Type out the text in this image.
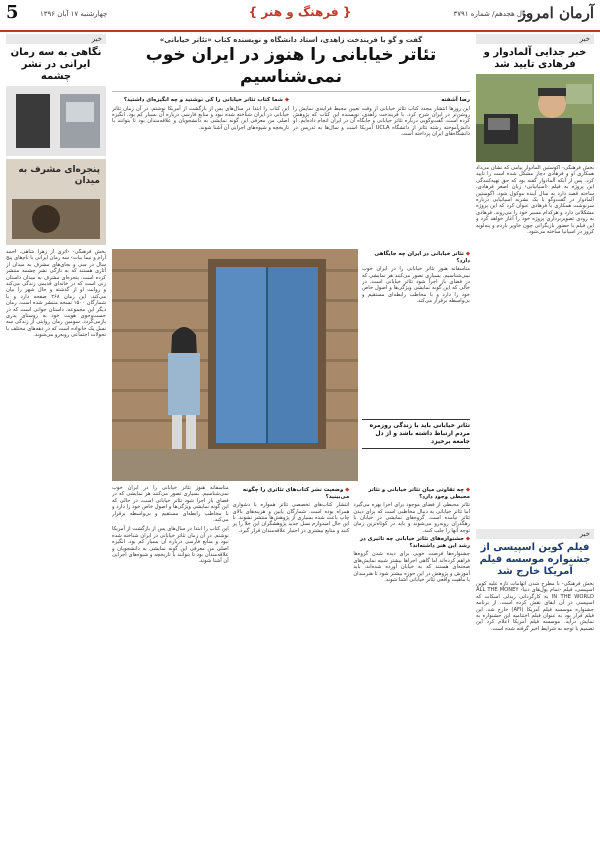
آرمان امروز
سال هجدهم/ شماره ۳۷۹۱
{ فرهنگ و هنر }
چهارشنبه ۱۷ آبان ۱۳۹۶
5
خبر
خبر جدایی آلمادوار و فرهادی تایید شد
بخش فرهنگی- اکوستین آلمادوار پیامی که نشان می‌داد همکاری او و فرهادی دچار مشکل شده است را تایید کرد. پس از آنکه آلمادوار گفته بود که حق تهیه‌کنندگی این پروژه به فیلم ‹اسپانیایی› زبان اصغر فرهادی، ساخته قصد دارد به سال آینده موکول شود. اگوستین آلمادوار در گفت‌وگو با یک نشریه اسپانیایی درباره سرنوشت همکاری با فرهادی عنوان کرد که این پروژه مشکلاتی دارد و هرکدام مسیر خود را می‌روند. فرهادی به زودی تصویربرداری پروژه خود را آغاز خواهد کرد و این فیلم با حضور بازیگرانی چون خاویر باردم و پنه‌لوپه کروز در اسپانیا ساخته می‌شود.
خبر
فیلم کوین اسپیسی از جشنواره موسسه فیلم آمریکا خارج شد
بخش فرهنگی- با مطرح شدن اتهامات تازه علیه کوین اسپیسی، فیلم ‹تمام پول‌های دنیا› ALL THE MONEY IN THE WORLD به کارگردانی ریدلی اسکات که اسپیسی در آن ایفای نقش کرده است، از برنامه جشنواره موسسه فیلم آمریکا (AFI) خارج شد. این فیلم قرار بود به عنوان فیلم اختتامیه این جشنواره به نمایش درآید. موسسه فیلم آمریکا اعلام کرد این تصمیم با توجه به شرایط اخیر گرفته شده است.
خبر
نگاهی به سه رمان ایرانی در نشر چشمه
پنجره‌ای مشرف به میدان
بخش فرهنگی- ‹اثری از زهرا شاهی، احمد آرام و نیما بیات› سه رمان ایرانی با نام‌های پنج سال در سی و بجای‌های مشرف به میدان از آثاری هستند که به تازگی نشر چشمه منتشر کرده است. پنجره‌ای مشرف به میدان داستان زنی است که در خانه‌ای قدیمی زندگی می‌کند و روایت او از گذشته و حال شهر را بیان می‌کند. این رمان ۲۶۸ صفحه دارد و با شمارگان ۱۵۰۰ نسخه منتشر شده است. رمان دیگر این مجموعه، داستان جوانی است که در جست‌وجوی هویت خود به روستای پدری بازمی‌گردد. سومین رمان روایتی از زندگی سه نسل یک خانواده است که در دهه‌های مختلف با تحولات اجتماعی روبه‌رو می‌شوند.
گفت و گو با فریندخت زاهدی، استاد دانشگاه و نویسنده کتاب «تئاتر خیابانی»
تئاتر خیابانی را هنوز در ایران خوب نمی‌شناسیم
رضا آشفته
این روزها انتشار مجدد کتاب تئاتر خیابانی از وقت تعیین محیط فرایندی نمایش را روشن‌تر در ایران شرح کرد. با فریندخت زاهدی، نویسنده این کتاب که پژوهش کرده است، گفت‌وگویی درباره تئاتر خیابانی و جایگاه آن در ایران انجام داده‌ایم. او دانش‌آموخته رشته تئاتر از دانشگاه UCLA آمریکا است و سال‌ها به تدریس در دانشگاه‌های ایران پرداخته است.
◆ شما کتاب تئاتر خیابانی را کی نوشتید و چه انگیزه‌ای داشتید؟
این کتاب را ابتدا در سال‌های پس از بازگشت از آمریکا نوشتم. در آن زمان تئاتر خیابانی در ایران شناخته شده نبود و منابع فارسی درباره آن بسیار کم بود. انگیزه اصلی من معرفی این گونه نمایشی به دانشجویان و علاقه‌مندان بود تا بتوانند با تاریخچه و شیوه‌های اجرایی آن آشنا شوند.
◆ تئاتر خیابانی در ایران چه جایگاهی دارد؟
متاسفانه هنوز تئاتر خیابانی را در ایران خوب نمی‌شناسیم. بسیاری تصور می‌کنند هر نمایشی که در فضای باز اجرا شود تئاتر خیابانی است، در حالی که این گونه نمایشی ویژگی‌ها و اصول خاص خود را دارد و با مخاطب رابطه‌ای مستقیم و بی‌واسطه برقرار می‌کند.
تئاتر خیابانی باید با زندگی روزمره مردم ارتباط داشته باشد و از دل جامعه برخیزد
◆ چه تفاوتی میان تئاتر خیابانی و تئاتر محیطی وجود دارد؟
تئاتر محیطی از فضای موجود برای اجرا بهره می‌گیرد اما تئاتر خیابانی به دنبال مخاطبی است که برای دیدن تئاتر نیامده است. گروه‌های نمایشی در خیابان با رهگذران روبه‌رو می‌شوند و باید در کوتاه‌ترین زمان توجه آنها را جلب کنند.
◆ جشنواره‌های تئاتر خیابانی چه تاثیری در رشد این هنر داشته‌اند؟
جشنواره‌ها فرصت خوبی برای دیده شدن گروه‌ها فراهم کرده‌اند اما گاهی اجراها بیشتر شبیه نمایش‌های صحنه‌ای هستند که به خیابان آورده شده‌اند. باید آموزش و پژوهش در این حوزه بیشتر شود تا هنرمندان با ماهیت واقعی تئاتر خیابانی آشنا شوند.
◆ وضعیت نشر کتاب‌های تئاتری را چگونه می‌بینید؟
انتشار کتاب‌های تخصصی تئاتر همواره با دشواری همراه بوده است. شمارگان پایین و هزینه‌های بالای چاپ باعث شده بسیاری از پژوهش‌ها منتشر نشوند. با این حال امیدوارم نسل جدید پژوهشگران این خلا را پر کنند و منابع بیشتری در اختیار علاقه‌مندان قرار گیرد.
متاسفانه هنوز تئاتر خیابانی را در ایران خوب نمی‌شناسیم. بسیاری تصور می‌کنند هر نمایشی که در فضای باز اجرا شود تئاتر خیابانی است، در حالی که این گونه نمایشی ویژگی‌ها و اصول خاص خود را دارد و با مخاطب رابطه‌ای مستقیم و بی‌واسطه برقرار می‌کند.
این کتاب را ابتدا در سال‌های پس از بازگشت از آمریکا نوشتم. در آن زمان تئاتر خیابانی در ایران شناخته شده نبود و منابع فارسی درباره آن بسیار کم بود. انگیزه اصلی من معرفی این گونه نمایشی به دانشجویان و علاقه‌مندان بود تا بتوانند با تاریخچه و شیوه‌های اجرایی آن آشنا شوند.
